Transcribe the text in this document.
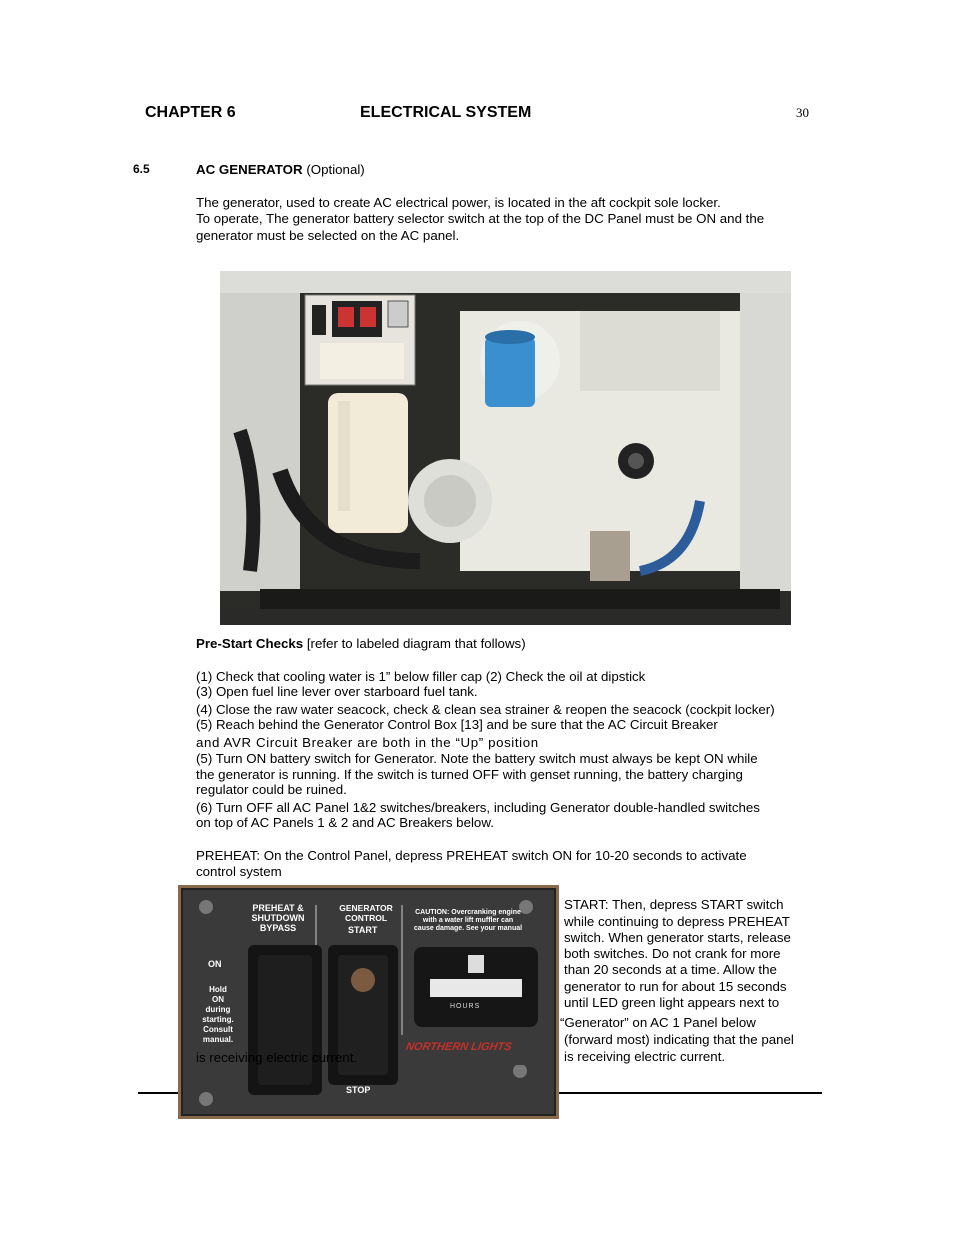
CHAPTER 6	ELECTRICAL SYSTEM	30
6.5	AC GENERATOR (Optional)
The generator, used to create AC electrical power, is located in the aft cockpit sole locker.
To operate, The generator battery selector switch at the top of the DC Panel must be ON and the
generator must be selected on the AC panel.
Pre-Start Checks [refer to labeled diagram that follows)
(1) Check that cooling water is 1” below filler cap (2) Check the oil at dipstick
(3) Open fuel line lever over starboard fuel tank.
(4) Close the raw water seacock, check & clean sea strainer & reopen the seacock (cockpit locker)
(5) Reach behind the Generator Control Box [13] and be sure that the AC Circuit Breaker
and AVR Circuit Breaker are both in the “Up” position
(5) Turn ON battery switch for Generator. Note the battery switch must always be kept ON while
the generator is running. If the switch is turned OFF with genset running, the battery charging
regulator could be ruined.
(6) Turn OFF all AC Panel 1&2 switches/breakers, including Generator double-handled switches
on top of AC Panels 1 & 2 and AC Breakers below.
PREHEAT: On the Control Panel, depress PREHEAT switch ON for 10-20 seconds to activate
control system
PREHEAT &
SHUTDOWN
BYPASS
ON
Hold
ON
during
starting.
Consult
manual.
GENERATOR
CONTROL
START
STOP
CAUTION: Overcranking engine
with a water lift muffler can
cause damage. See your manual
HOURS
NORTHERN LIGHTS
is receiving electric current.
START: Then, depress START switch
while continuing to depress PREHEAT
switch. When generator starts, release
both switches. Do not crank for more
than 20 seconds at a time. Allow the
generator to run for about 15 seconds
until LED green light appears next to
“Generator” on AC 1 Panel below
(forward most) indicating that the panel
is receiving electric current.
